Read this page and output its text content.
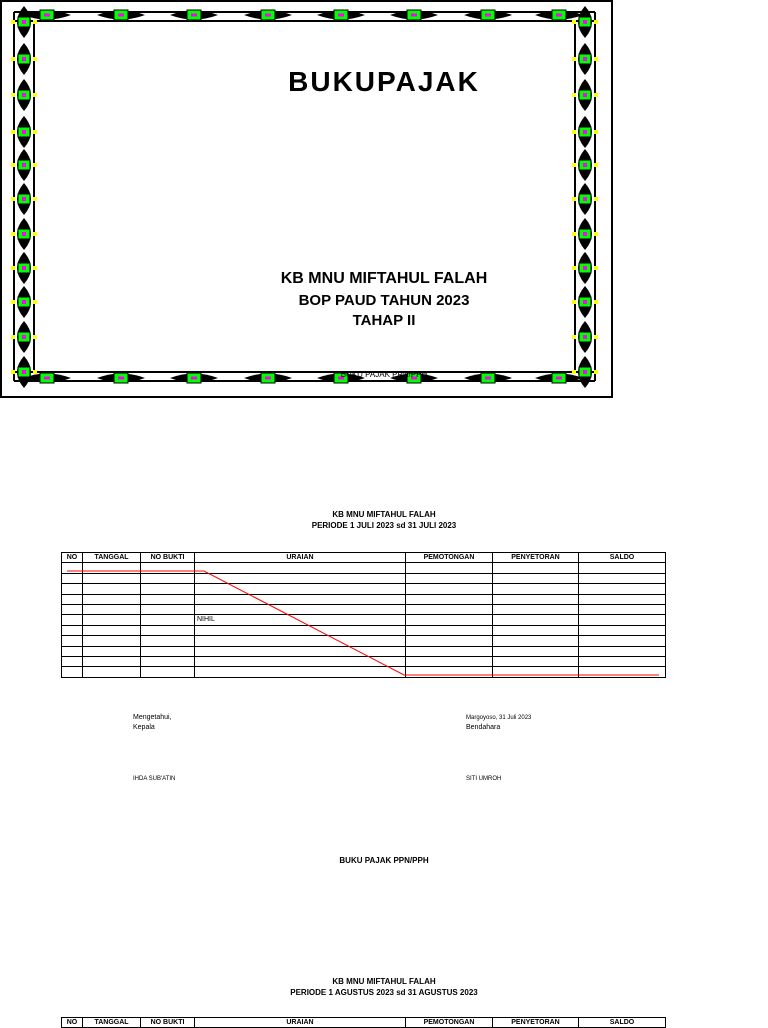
BUKUPAJAK
KB MNU MIFTAHUL FALAH
BOP PAUD TAHUN 2023
TAHAP II
BUKU PAJAK PPN/PPH
KB MNU MIFTAHUL FALAH
PERIODE 1 JULI 2023 sd 31 JULI 2023
NO	TANGGAL	NO BUKTI	URAIAN	PEMOTONGAN	PENYETORAN	SALDO

			NIHIL			

Mengetahui,
Kepala
IHDA SUB'ATIN
Margoyoso, 31 Juli 2023
Bendahara
SITI UMROH
BUKU PAJAK PPN/PPH
KB MNU MIFTAHUL FALAH
PERIODE 1 AGUSTUS 2023 sd 31 AGUSTUS 2023
NO	TANGGAL	NO BUKTI	URAIAN	PEMOTONGAN	PENYETORAN	SALDO
